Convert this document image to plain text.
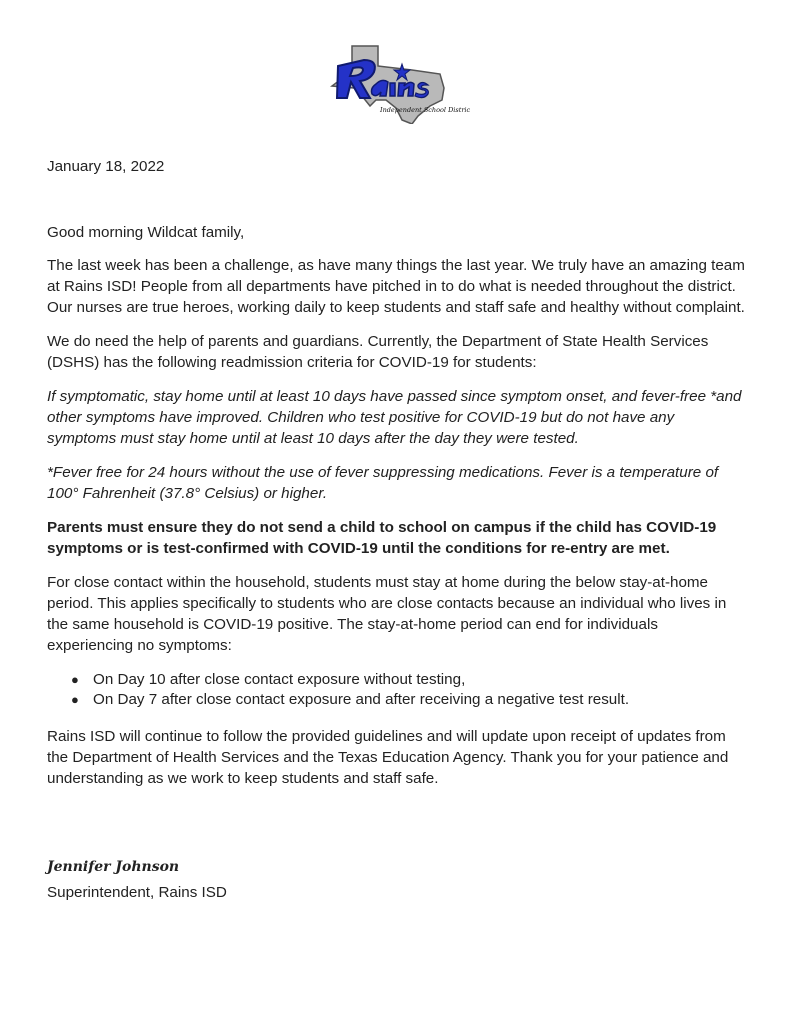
Independent School District
January 18, 2022
Good morning Wildcat family,
The last week has been a challenge, as have many things the last year. We truly have an amazing team at Rains ISD! People from all departments have pitched in to do what is needed throughout the district. Our nurses are true heroes, working daily to keep students and staff safe and healthy without complaint.
We do need the help of parents and guardians. Currently, the Department of State Health Services (DSHS) has the following readmission criteria for COVID-19 for students:
If symptomatic, stay home until at least 10 days have passed since symptom onset, and fever-free *and other symptoms have improved. Children who test positive for COVID-19 but do not have any symptoms must stay home until at least 10 days after the day they were tested.
*Fever free for 24 hours without the use of fever suppressing medications. Fever is a temperature of 100° Fahrenheit (37.8° Celsius) or higher.
Parents must ensure they do not send a child to school on campus if the child has COVID-19 symptoms or is test-confirmed with COVID-19 until the conditions for re-entry are met.
For close contact within the household, students must stay at home during the below stay-at-home period. This applies specifically to students who are close contacts because an individual who lives in the same household is COVID-19 positive. The stay-at-home period can end for individuals experiencing no symptoms:
● On Day 10 after close contact exposure without testing,
● On Day 7 after close contact exposure and after receiving a negative test result.
Rains ISD will continue to follow the provided guidelines and will update upon receipt of updates from the Department of Health Services and the Texas Education Agency. Thank you for your patience and understanding as we work to keep students and staff safe.
Jennifer Johnson
Superintendent, Rains ISD
